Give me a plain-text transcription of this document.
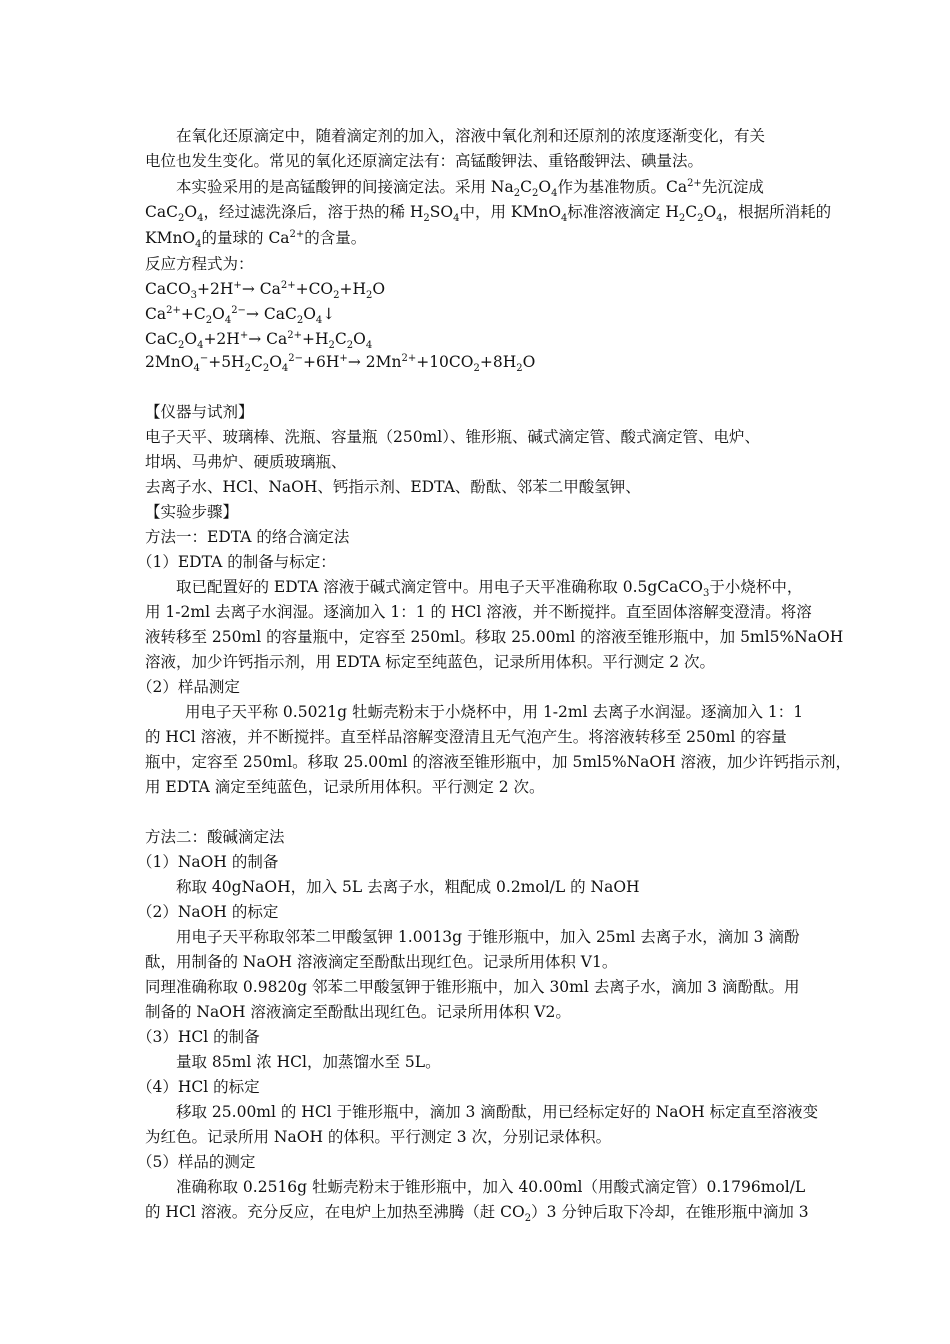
在氧化还原滴定中，随着滴定剂的加入，溶液中氧化剂和还原剂的浓度逐渐变化，有关
电位也发生变化。常见的氧化还原滴定法有：高锰酸钾法、重铬酸钾法、碘量法。
本实验采用的是高锰酸钾的间接滴定法。采用 $Na_2C_2O_4$作为基准物质。$Ca^{2+}$先沉淀成
$CaC_2O_4$，经过滤洗涤后，溶于热的稀 $H_2SO_4$中，用 KMnO$_4$标准溶液滴定 $H_2C_2O_4$，根据所消耗的
KMnO$_4$的量球的 $Ca^{2+}$的含量。
反应方程式为：
CaCO$_3$+2H+→ $Ca^{2+}+CO_2+H_2O$
$Ca^{2+}+C_2O_4^{2-}\to$ $CaC_2O_4↓$
$CaC_2O_4+2H^+\to Ca^{2+}+H_2C_2O_4$
$2MnO_4^-+5H_2C_2O_4^{2-}+6H^+\to 2Mn^{2+}+10CO_2+8H_2O$
【仪器与试剂】
电子天平、玻璃棒、洗瓶、容量瓶（250ml）、锥形瓶、碱式滴定管、酸式滴定管、电炉、
坩埚、马弗炉、硬质玻璃瓶、
去离子水、HCl、NaOH、钙指示剂、EDTA、酚酞、邻苯二甲酸氢钾、
【实验步骤】
方法一：EDTA 的络合滴定法
（1）EDTA 的制备与标定：
取已配置好的 EDTA 溶液于碱式滴定管中。用电子天平准确称取 0.5gCaCO$_3$于小烧杯中，
用 1-2ml 去离子水润湿。逐滴加入 1：1 的 HCl 溶液，并不断搅拌。直至固体溶解变澄清。将溶
液转移至 250ml 的容量瓶中，定容至 250ml。移取 25.00ml 的溶液至锥形瓶中，加 5ml5%NaOH
溶液，加少许钙指示剂，用 EDTA 标定至纯蓝色，记录所用体积。平行测定 2 次。
（2）样品测定
用电子天平称 0.5021g 牡蛎壳粉末于小烧杯中，用 1-2ml 去离子水润湿。逐滴加入 1：1
的 HCl 溶液，并不断搅拌。直至样品溶解变澄清且无气泡产生。将溶液转移至 250ml 的容量
瓶中，定容至 250ml。移取 25.00ml 的溶液至锥形瓶中，加 5ml5%NaOH 溶液，加少许钙指示剂，
用 EDTA 滴定至纯蓝色，记录所用体积。平行测定 2 次。
方法二：酸碱滴定法
（1）NaOH 的制备
称取 40gNaOH，加入 5L 去离子水，粗配成 0.2mol/L 的 NaOH
（2）NaOH 的标定
用电子天平称取邻苯二甲酸氢钾 1.0013g 于锥形瓶中，加入 25ml 去离子水，滴加 3 滴酚
酞，用制备的 NaOH 溶液滴定至酚酞出现红色。记录所用体积 V1。
同理准确称取 0.9820g 邻苯二甲酸氢钾于锥形瓶中，加入 30ml 去离子水，滴加 3 滴酚酞。用
制备的 NaOH 溶液滴定至酚酞出现红色。记录所用体积 V2。
（3）HCl 的制备
量取 85ml 浓 HCl，加蒸馏水至 5L。
（4）HCl 的标定
移取 25.00ml 的 HCl 于锥形瓶中，滴加 3 滴酚酞，用已经标定好的 NaOH 标定直至溶液变
为红色。记录所用 NaOH 的体积。平行测定 3 次，分别记录体积。
（5）样品的测定
准确称取 0.2516g 牡蛎壳粉末于锥形瓶中，加入 40.00ml（用酸式滴定管）0.1796mol/L
的 HCl 溶液。充分反应，在电炉上加热至沸腾（赶 $CO_2)3$ 分钟后取下冷却，在锥形瓶中滴加 3
